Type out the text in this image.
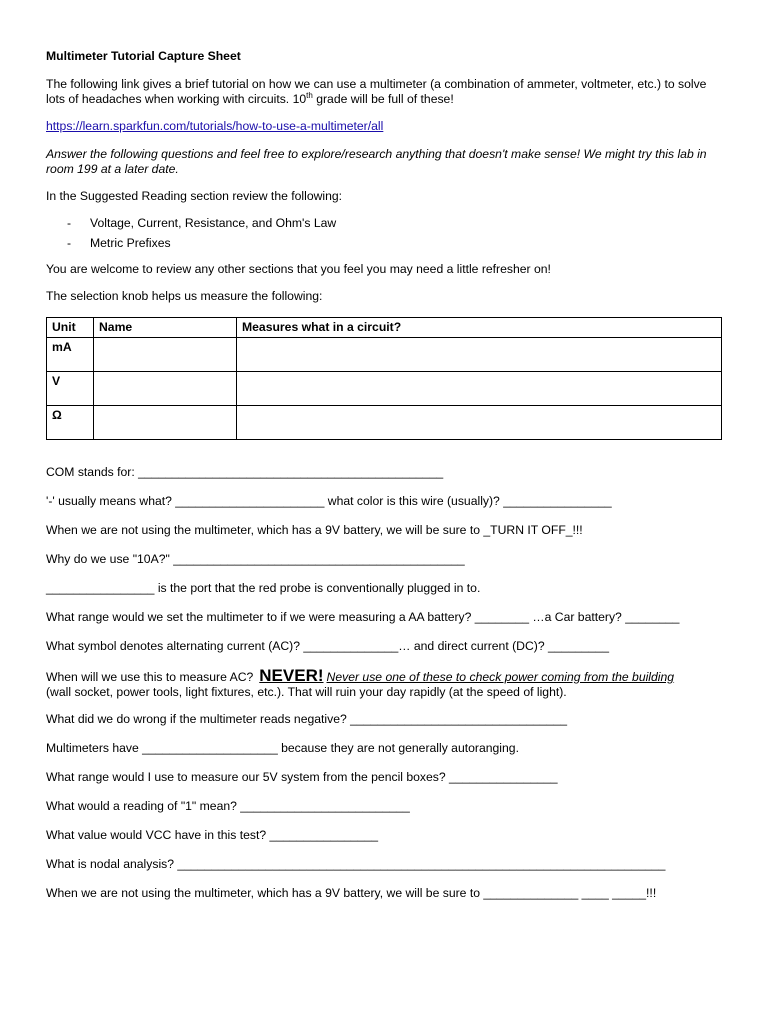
Multimeter Tutorial Capture Sheet

The following link gives a brief tutorial on how we can use a multimeter (a combination of ammeter, voltmeter, etc.) to solve lots of headaches when working with circuits. 10th grade will be full of these!

https://learn.sparkfun.com/tutorials/how-to-use-a-multimeter/all

Answer the following questions and feel free to explore/research anything that doesn't make sense! We might try this lab in room 199 at a later date.

In the Suggested Reading section review the following:

- Voltage, Current, Resistance, and Ohm's Law
- Metric Prefixes

You are welcome to review any other sections that you feel you may need a little refresher on!

The selection knob helps us measure the following:

Unit	Name	Measures what in a circuit?
mA		
V		
Ω		

COM stands for: _____________________________________________

'-' usually means what? ______________________ what color is this wire (usually)? ________________

When we are not using the multimeter, which has a 9V battery, we will be sure to _TURN IT OFF_!!!

Why do we use "10A?" ___________________________________________

________________ is the port that the red probe is conventionally plugged in to.

What range would we set the multimeter to if we were measuring a AA battery? ________ …a Car battery? ________

What symbol denotes alternating current (AC)? ______________… and direct current (DC)? _________

When will we use this to measure AC? NEVER! Never use one of these to check power coming from the building
(wall socket, power tools, light fixtures, etc.). That will ruin your day rapidly (at the speed of light).

What did we do wrong if the multimeter reads negative? ________________________________

Multimeters have ____________________ because they are not generally autoranging.

What range would I use to measure our 5V system from the pencil boxes? ________________

What would a reading of "1" mean? _________________________

What value would VCC have in this test? ________________

What is nodal analysis? ________________________________________________________________________

When we are not using the multimeter, which has a 9V battery, we will be sure to ______________ ____ _____!!!
